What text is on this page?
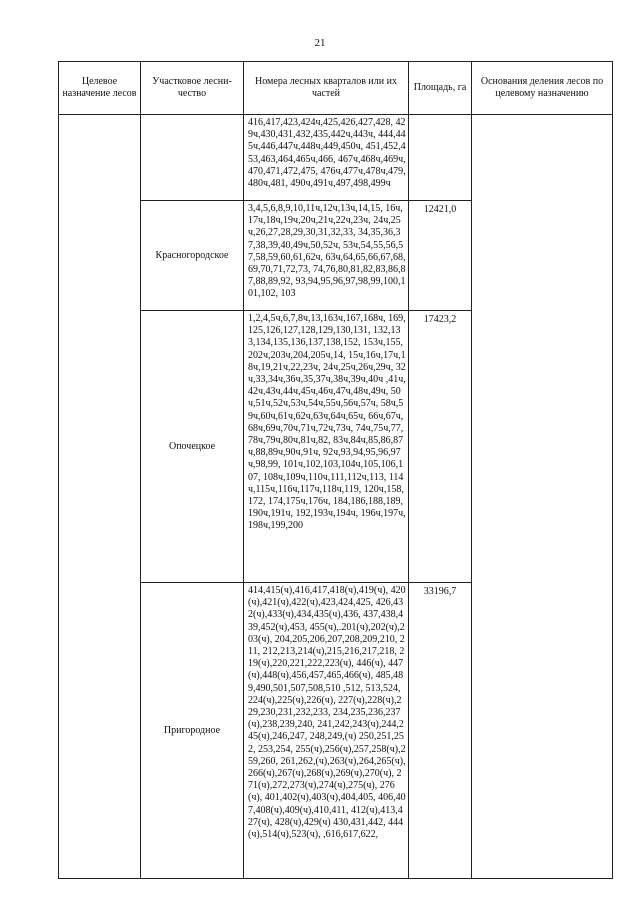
21
Целевое назначение лесов	Участковое лесни-чество	Номера лесных кварталов или их частей	Площадь, га	Основания деления лесов по целевому назначению
		416,417,423,424ч,425,426,427,428, 429ч,430,431,432,435,442ч,443ч, 444,445ч,446,447ч,448ч,449,450ч, 451,452,453,463,464,465ч,466, 467ч,468ч,469ч,470,471,472,475, 476ч,477ч,478ч,479,480ч,481, 490ч,491ч,497,498,499ч		
	Красногородское	3,4,5,6,8,9,10,11ч,12ч,13ч,14,15, 16ч,17ч,18ч,19ч,20ч,21ч,22ч,23ч, 24ч,25ч,26,27,28,29,30,31,32,33, 34,35,36,37,38,39,40,49ч,50,52ч, 53ч,54,55,56,57,58,59,60,61,62ч, 63ч,64,65,66,67,68,69,70,71,72,73, 74,76,80,81,82,83,86,87,88,89,92, 93,94,95,96,97,98,99,100,101,102, 103	12421,0	
	Опочецкое	1,2,4,5ч,6,7,8ч,13,163ч,167,168ч, 169,125,126,127,128,129,130,131, 132,133,134,135,136,137,138,152, 153ч,155,202ч,203ч,204,205ч,14, 15ч,16ч,17ч,18ч,19,21ч,22,23ч, 24ч,25ч,26ч,29ч, 32ч,33,34ч,36ч,35,37ч,38ч,39ч,40ч ,41ч, 42ч,43ч,44ч,45ч,46ч,47ч,48ч,49ч, 50ч,51ч,52ч,53ч,54ч,55ч,56ч,57ч, 58ч,59ч,60ч,61ч,62ч,63ч,64ч,65ч, 66ч,67ч,68ч,69ч,70ч,71ч,72ч,73ч, 74ч,75ч,77,78ч,79ч,80ч,81ч,82, 83ч,84ч,85,86,87ч,88,89ч,90ч,91ч, 92ч,93,94,95,96,97ч,98,99, 101ч,102,103,104ч,105,106,107, 108ч,109ч,110ч,111,112ч,113, 114ч,115ч,116ч,117ч,118ч,119, 120ч,158, 172, 174,175ч,176ч, 184,186,188,189,190ч,191ч, 192,193ч,194ч, 196ч,197ч, 198ч,199,200	17423,2	
	Пригородное	414,415(ч),416,417,418(ч),419(ч), 420(ч),421(ч),422(ч),423,424,425, 426,432(ч),433(ч),434,435(ч),436, 437,438,439,452(ч),453, 455(ч),.201(ч),202(ч),203(ч), 204,205,206,207,208,209,210, 211, 212,213,214(ч),215,216,217,218, 219(ч),220,221,222,223(ч), 446(ч), 447(ч),448(ч),456,457,465,466(ч), 485,489,490,501,507,508,510 ,512, 513,524, 224(ч),225(ч),226(ч), 227(ч),228(ч),229,230,231,232,233, 234,235,236,237(ч),238,239,240, 241,242,243(ч),244,245(ч),246,247, 248,249,(ч) 250,251,252, 253,254, 255(ч),256(ч),257,258(ч),259,260, 261,262,(ч),263(ч),264,265(ч), 266(ч),267(ч),268(ч),269(ч),270(ч), 271(ч),272,273(ч),274(ч),275(ч), 276(ч), 401,402(ч),403(ч),404,405, 406,407,408(ч),409(ч),410,411, 412(ч),413,427(ч), 428(ч),429(ч) 430,431,442, 444(ч),514(ч),523(ч), ,616,617,622,	33196,7	
